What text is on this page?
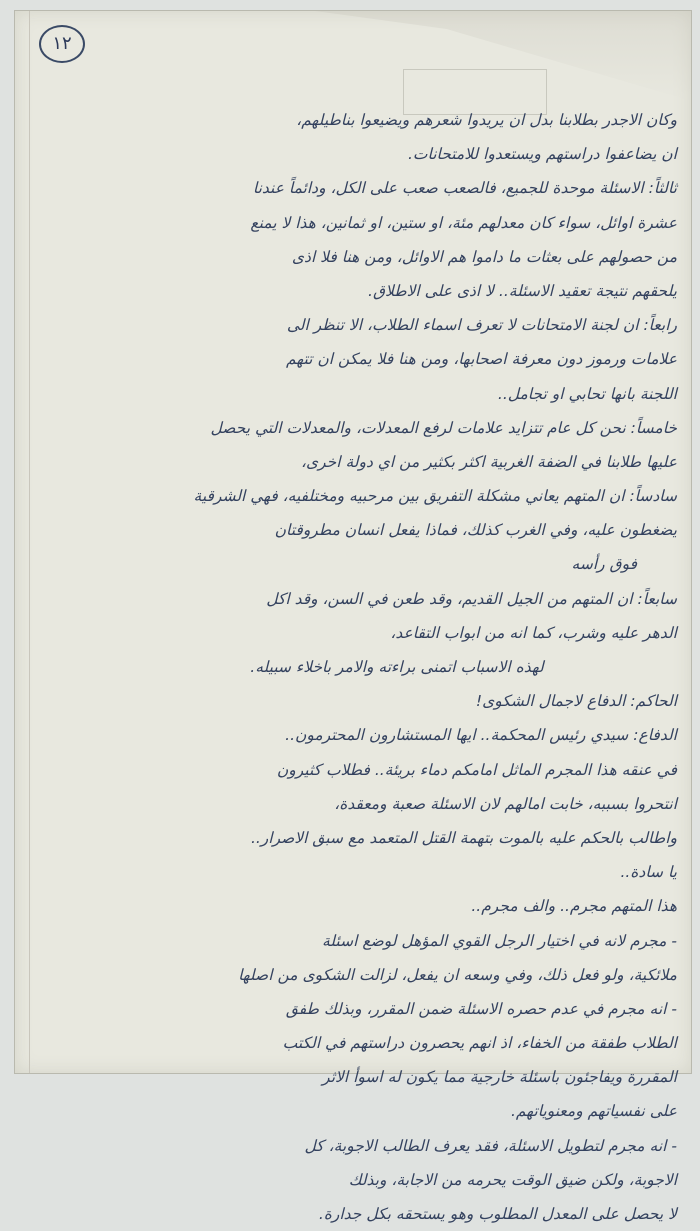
١٢
وكان الاجدر بطلابنا بدل ان يريدوا شعرهم ويضيعوا بناطيلهم،
ان يضاعفوا دراستهم ويستعدوا للامتحانات.
ثالثاً: الاسئلة موحدة للجميع، فالصعب صعب على الكل، ودائماً عندنا
عشرة اوائل، سواء كان معدلهم مئة، او ستين، او ثمانين، هذا لا يمنع
من حصولهم على بعثات ما داموا هم الاوائل، ومن هنا فلا اذى
يلحقهم نتيجة تعقيد الاسئلة.. لا اذى على الاطلاق.
رابعاً: ان لجنة الامتحانات لا تعرف اسماء الطلاب، الا تنظر الى
علامات ورموز دون معرفة اصحابها، ومن هنا فلا يمكن ان تتهم
اللجنة بانها تحابي او تجامل..
خامساً: نحن كل عام تتزايد علامات لرفع المعدلات، والمعدلات التي يحصل
عليها طلابنا في الضفة الغربية اكثر بكثير من اي دولة اخرى،
سادساً: ان المتهم يعاني مشكلة التفريق بين مرحبيه ومختلفيه، فهي الشرقية
يضغطون عليه، وفي الغرب كذلك، فماذا يفعل انسان مطروقتان
فوق رأسه
سابعاً: ان المتهم من الجيل القديم، وقد طعن في السن، وقد اكل
الدهر عليه وشرب، كما انه من ابواب التقاعد،
لهذه الاسباب اتمنى براءته والامر باخلاء سبيله.
الحاكم: الدفاع لاجمال الشكوى!
الدفاع: سيدي رئيس المحكمة.. ايها المستشارون المحترمون..
في عنقه هذا المجرم الماثل امامكم دماء بريئة.. فطلاب كثيرون
انتحروا بسببه، خابت امالهم لان الاسئلة صعبة ومعقدة،
واطالب بالحكم عليه بالموت بتهمة القتل المتعمد مع سبق الاصرار..
يا سادة..
هذا المتهم مجرم.. والف مجرم..
- مجرم لانه في اختيار الرجل القوي المؤهل لوضع اسئلة
ملائكية، ولو فعل ذلك، وفي وسعه ان يفعل، لزالت الشكوى من اصلها
- انه مجرم في عدم حصره الاسئلة ضمن المقرر، وبذلك طفق
الطلاب طفقة من الخفاء، اذ انهم يحصرون دراستهم في الكتب
المقررة ويفاجئون باسئلة خارجية مما يكون له اسوأ الاثر
على نفسياتهم ومعنوياتهم.
- انه مجرم لتطويل الاسئلة، فقد يعرف الطالب الاجوبة، كل
الاجوبة، ولكن ضيق الوقت يحرمه من الاجابة، وبذلك
لا يحصل على المعدل المطلوب وهو يستحقه بكل جدارة.
